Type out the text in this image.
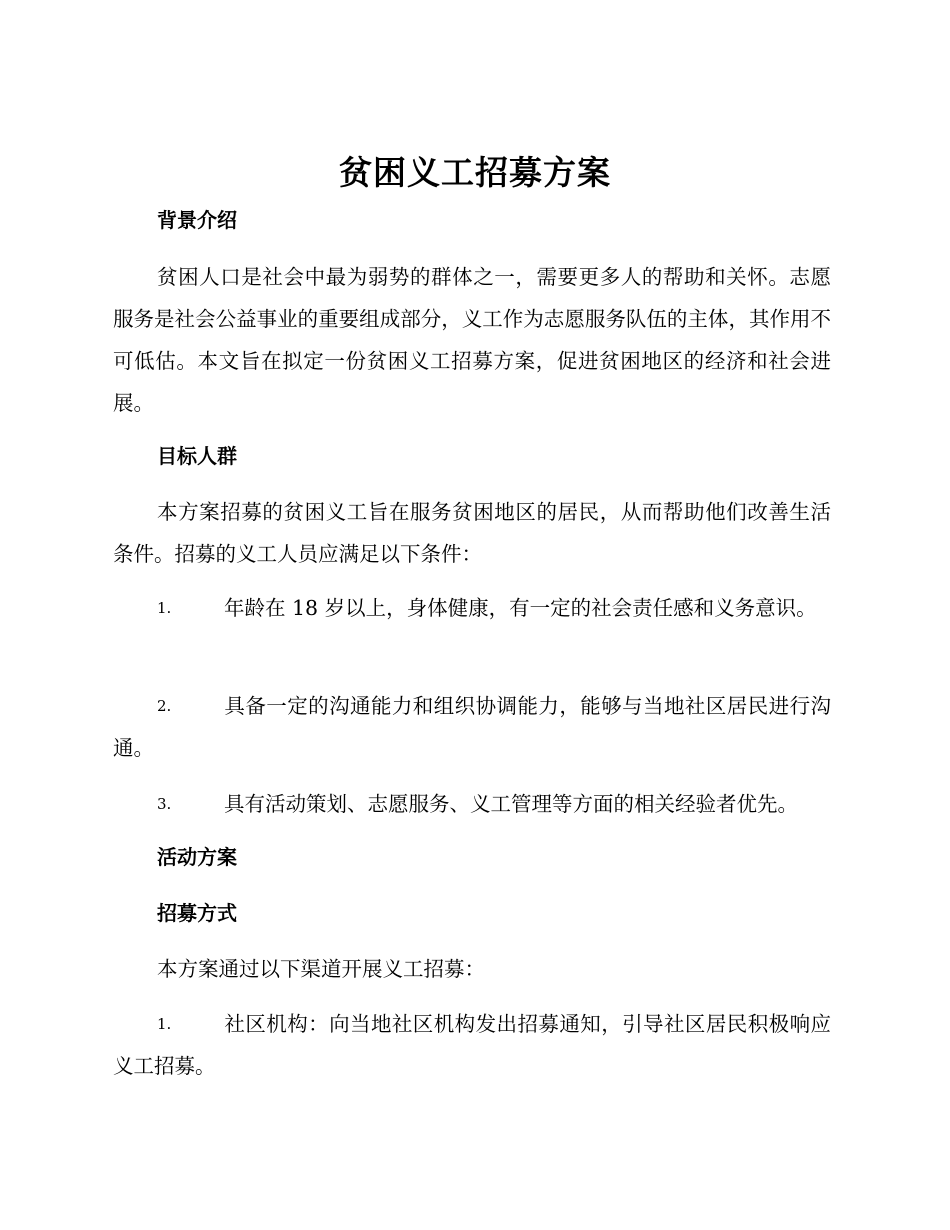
贫困义工招募方案
背景介绍
贫困人口是社会中最为弱势的群体之一，需要更多人的帮助和关怀。志愿服务是社会公益事业的重要组成部分，义工作为志愿服务队伍的主体，其作用不可低估。本文旨在拟定一份贫困义工招募方案，促进贫困地区的经济和社会进展。
目标人群
本方案招募的贫困义工旨在服务贫困地区的居民，从而帮助他们改善生活条件。招募的义工人员应满足以下条件：
1.	年龄在 18 岁以上，身体健康，有一定的社会责任感和义务意识。
2.	具备一定的沟通能力和组织协调能力，能够与当地社区居民进行沟通。
3.	具有活动策划、志愿服务、义工管理等方面的相关经验者优先。
活动方案
招募方式
本方案通过以下渠道开展义工招募：
1.	社区机构：向当地社区机构发出招募通知，引导社区居民积极响应义工招募。
